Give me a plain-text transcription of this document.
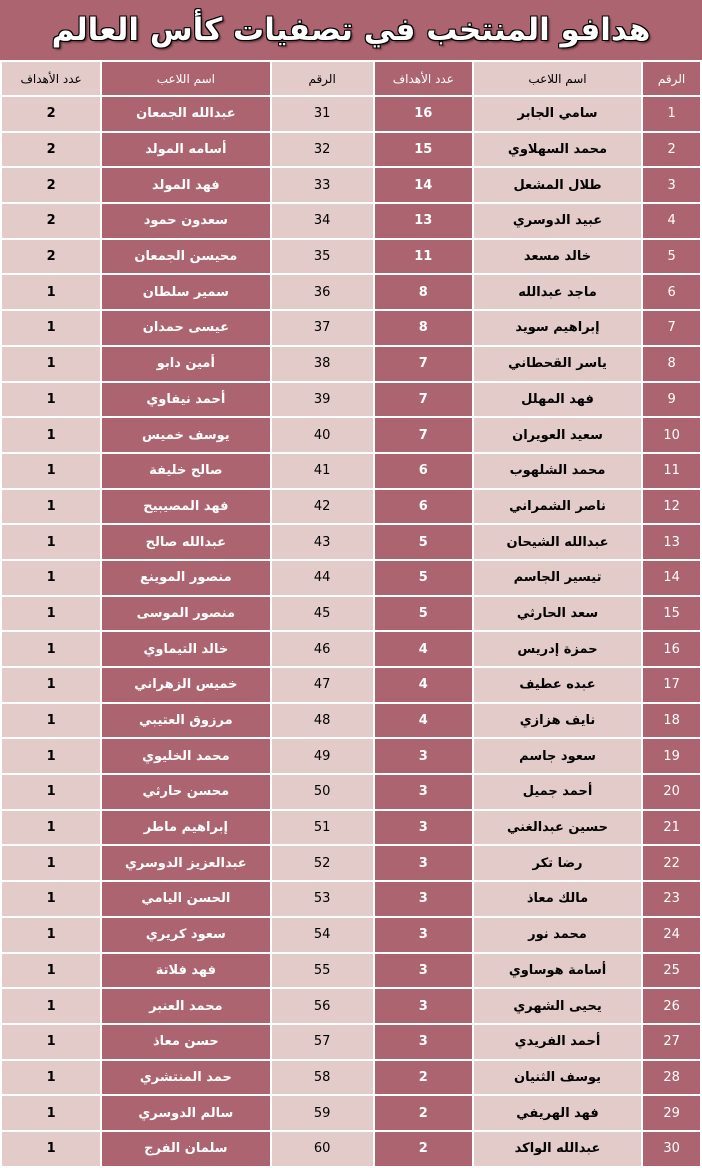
هدافو المنتخب في تصفيات كأس العالم
الرقم	اسم اللاعب	عدد الأهداف	الرقم	اسم اللاعب	عدد الأهداف
1	سامي الجابر	16	31	عبدالله الجمعان	2
2	محمد السهلاوي	15	32	أسامه المولد	2
3	طلال المشعل	14	33	فهد المولد	2
4	عبيد الدوسري	13	34	سعدون حمود	2
5	خالد مسعد	11	35	محيسن الجمعان	2
6	ماجد عبدالله	8	36	سمير سلطان	1
7	إبراهيم سويد	8	37	عيسى حمدان	1
8	ياسر القحطاني	7	38	أمين دابو	1
9	فهد المهلل	7	39	أحمد نيفاوي	1
10	سعيد العويران	7	40	يوسف خميس	1
11	محمد الشلهوب	6	41	صالح خليفة	1
12	ناصر الشمراني	6	42	فهد المصيبيح	1
13	عبدالله الشيحان	5	43	عبدالله صالح	1
14	تيسير الجاسم	5	44	منصور الموينع	1
15	سعد الحارثي	5	45	منصور الموسى	1
16	حمزة إدريس	4	46	خالد التيماوي	1
17	عبده عطيف	4	47	خميس الزهراني	1
18	نايف هزازي	4	48	مرزوق العتيبي	1
19	سعود جاسم	3	49	محمد الخليوي	1
20	أحمد جميل	3	50	محسن حارثي	1
21	حسين عبدالغني	3	51	إبراهيم ماطر	1
22	رضا تكر	3	52	عبدالعزيز الدوسري	1
23	مالك معاذ	3	53	الحسن اليامي	1
24	محمد نور	3	54	سعود كريري	1
25	أسامة هوساوي	3	55	فهد فلاتة	1
26	يحيى الشهري	3	56	محمد العنبر	1
27	أحمد الفريدي	3	57	حسن معاذ	1
28	يوسف الثنيان	2	58	حمد المنتشري	1
29	فهد الهريفي	2	59	سالم الدوسري	1
30	عبدالله الواكد	2	60	سلمان الفرج	1
